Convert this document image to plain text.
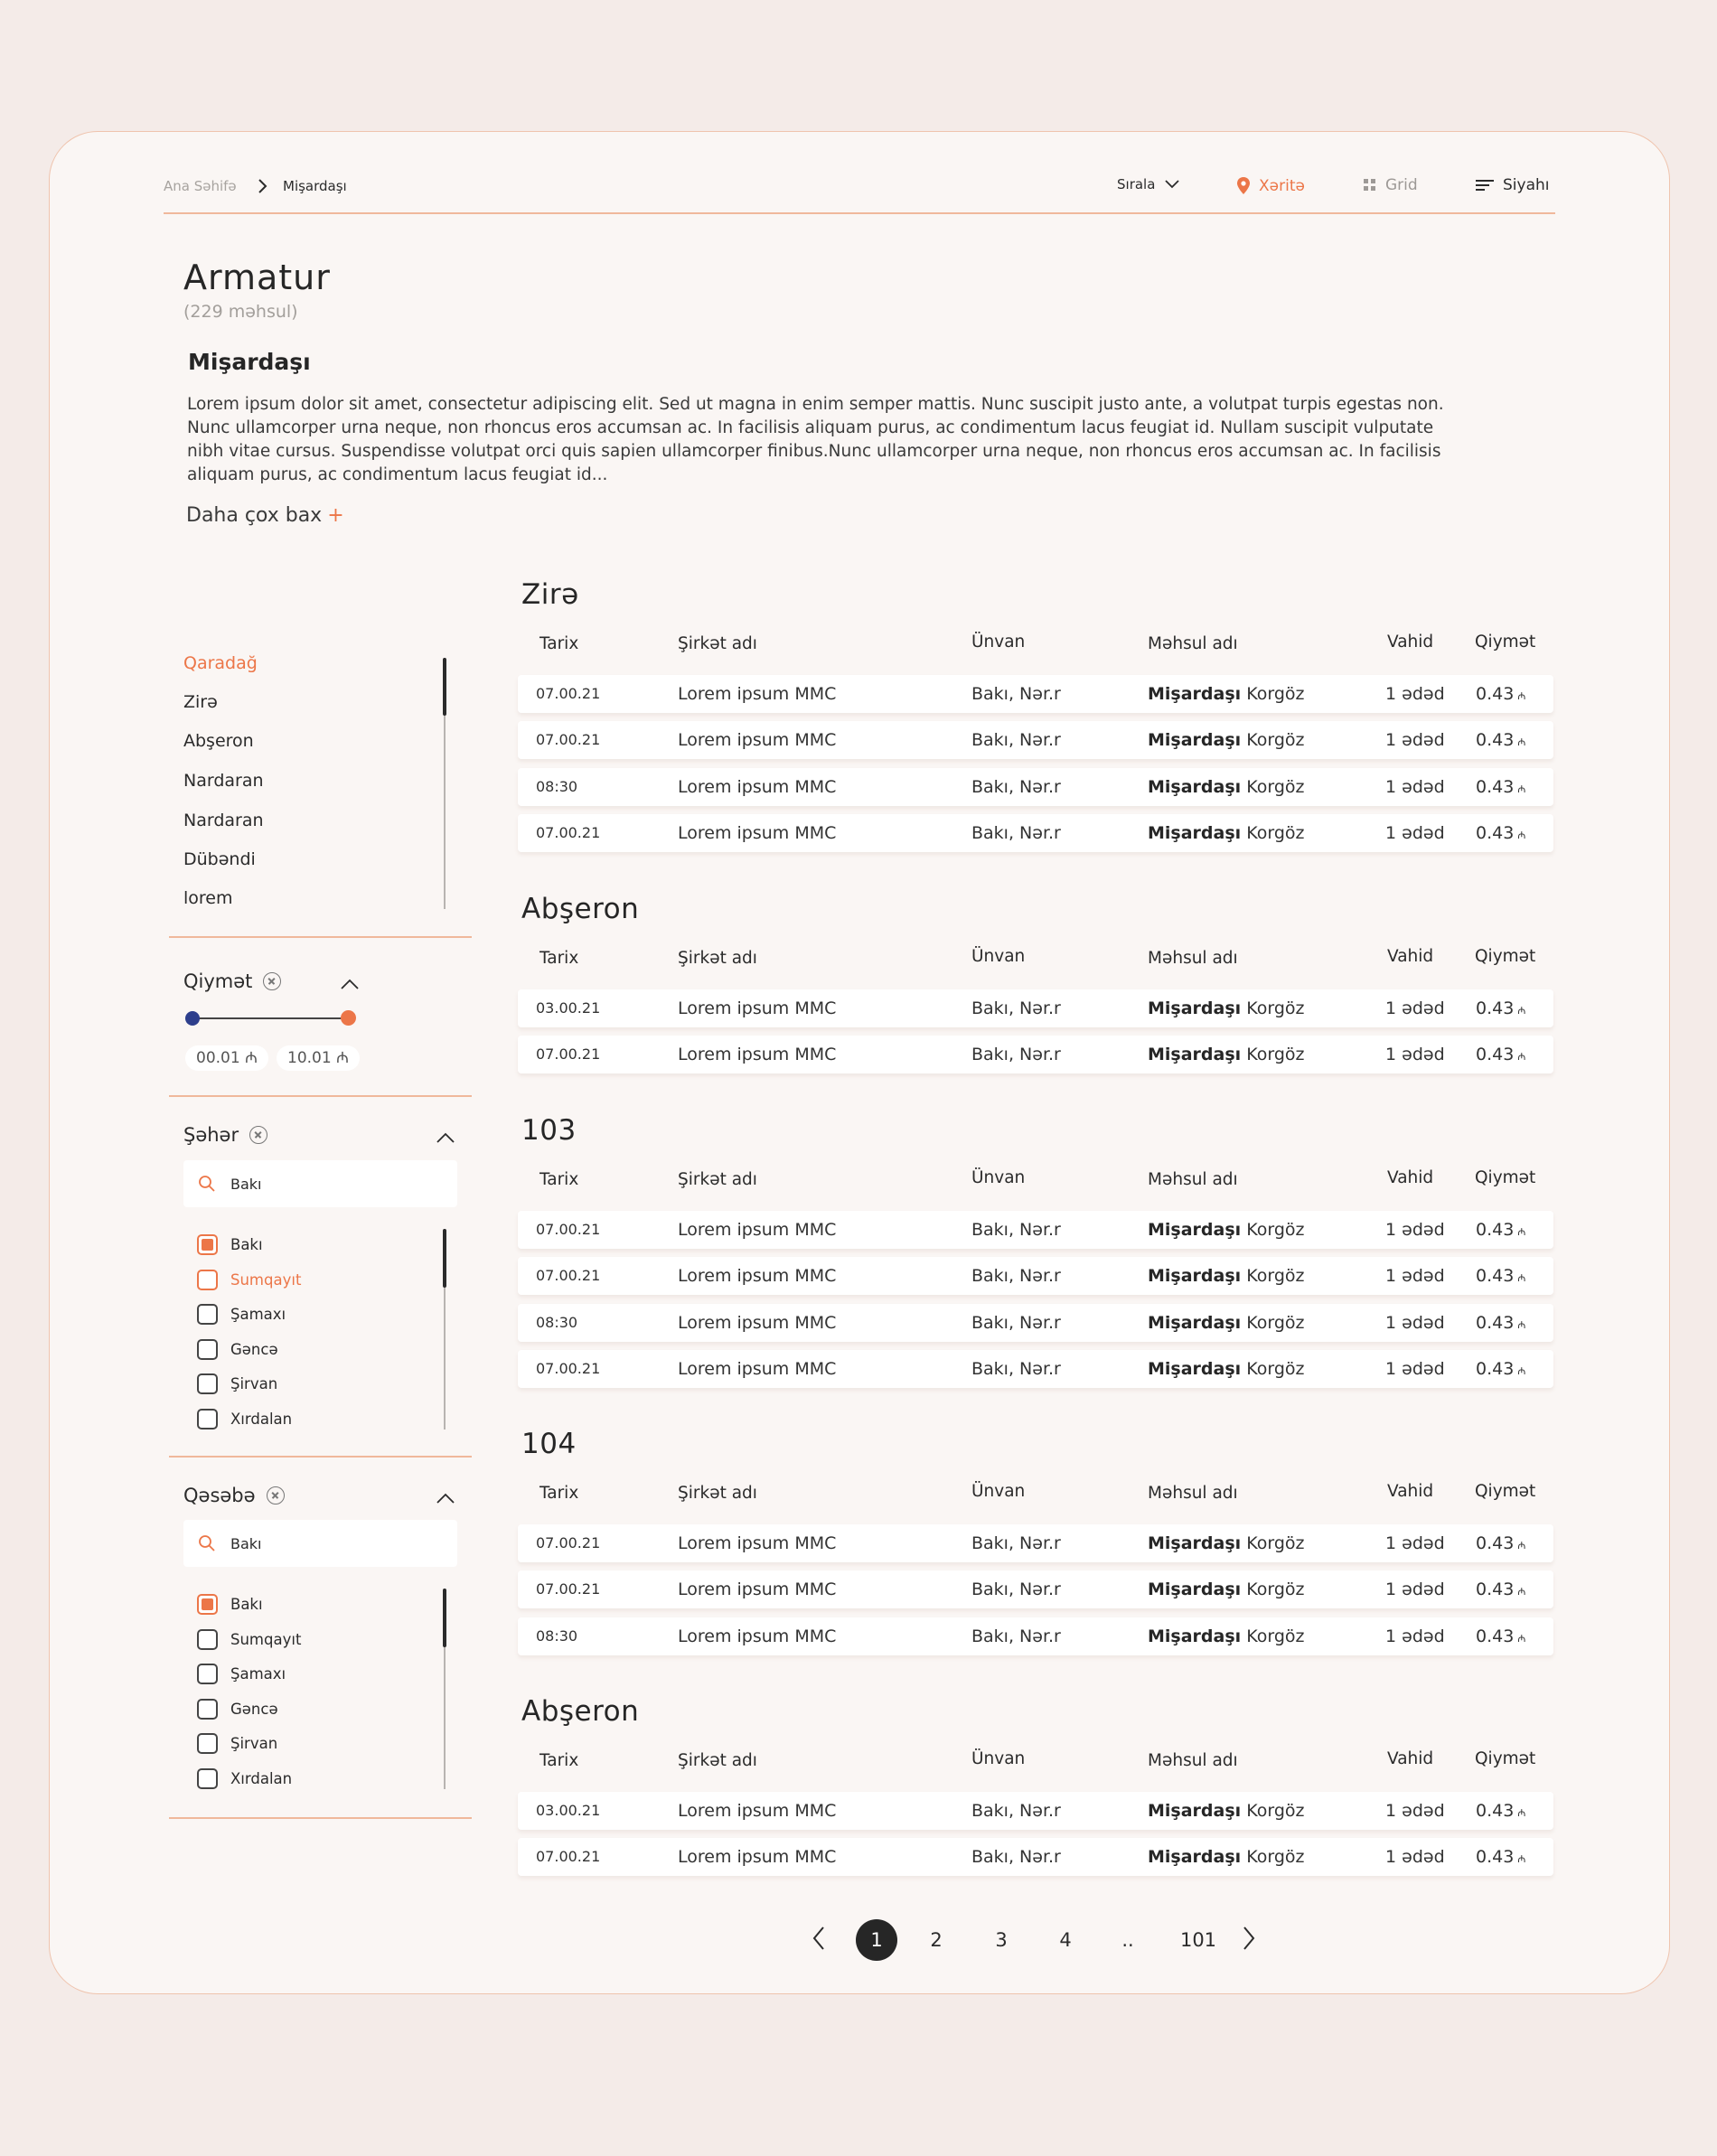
Ana Səhifə	Mişardaşı	Sırala	Xəritə	Grid	Siyahı
Armatur
(229 məhsul)
Mişardaşı
Lorem ipsum dolor sit amet, consectetur adipiscing elit. Sed ut magna in enim semper mattis. Nunc suscipit justo ante, a volutpat turpis egestas non. Nunc ullamcorper urna neque, non rhoncus eros accumsan ac. In facilisis aliquam purus, ac condimentum lacus feugiat id. Nullam suscipit vulputate nibh vitae cursus. Suspendisse volutpat orci quis sapien ullamcorper finibus.Nunc ullamcorper urna neque, non rhoncus eros accumsan ac. In facilisis aliquam purus, ac condimentum lacus feugiat id...
Daha çox bax +
Qaradağ
Zirə
Abşeron
Nardaran
Nardaran
Dübəndi
lorem
Qiymət
00.01 ₼	10.01 ₼
Şəhər
Bakı
Bakı
Sumqayıt
Şamaxı
Gəncə
Şirvan
Xırdalan
Qəsəbə
Bakı
Bakı
Sumqayıt
Şamaxı
Gəncə
Şirvan
Xırdalan
Zirə
Tarix	Şirkət adı	Ünvan	Məhsul adı	Vahid Qiymət
07.00.21	Lorem ipsum MMC	Bakı, Nər.r	Mişardaşı Korgöz	1 ədəd 0.43 ₼
07.00.21	Lorem ipsum MMC	Bakı, Nər.r	Mişardaşı Korgöz	1 ədəd 0.43 ₼
08:30	Lorem ipsum MMC	Bakı, Nər.r	Mişardaşı Korgöz	1 ədəd 0.43 ₼
07.00.21	Lorem ipsum MMC	Bakı, Nər.r	Mişardaşı Korgöz	1 ədəd 0.43 ₼
Abşeron
Tarix	Şirkət adı	Ünvan	Məhsul adı	Vahid Qiymət
03.00.21	Lorem ipsum MMC	Bakı, Nər.r	Mişardaşı Korgöz	1 ədəd 0.43 ₼
07.00.21	Lorem ipsum MMC	Bakı, Nər.r	Mişardaşı Korgöz	1 ədəd 0.43 ₼
103
Tarix	Şirkət adı	Ünvan	Məhsul adı	Vahid Qiymət
07.00.21	Lorem ipsum MMC	Bakı, Nər.r	Mişardaşı Korgöz	1 ədəd 0.43 ₼
07.00.21	Lorem ipsum MMC	Bakı, Nər.r	Mişardaşı Korgöz	1 ədəd 0.43 ₼
08:30	Lorem ipsum MMC	Bakı, Nər.r	Mişardaşı Korgöz	1 ədəd 0.43 ₼
07.00.21	Lorem ipsum MMC	Bakı, Nər.r	Mişardaşı Korgöz	1 ədəd 0.43 ₼
104
Tarix	Şirkət adı	Ünvan	Məhsul adı	Vahid Qiymət
07.00.21	Lorem ipsum MMC	Bakı, Nər.r	Mişardaşı Korgöz	1 ədəd 0.43 ₼
07.00.21	Lorem ipsum MMC	Bakı, Nər.r	Mişardaşı Korgöz	1 ədəd 0.43 ₼
08:30	Lorem ipsum MMC	Bakı, Nər.r	Mişardaşı Korgöz	1 ədəd 0.43 ₼
Abşeron
Tarix	Şirkət adı	Ünvan	Məhsul adı	Vahid Qiymət
03.00.21	Lorem ipsum MMC	Bakı, Nər.r	Mişardaşı Korgöz	1 ədəd 0.43 ₼
07.00.21	Lorem ipsum MMC	Bakı, Nər.r	Mişardaşı Korgöz	1 ədəd 0.43 ₼
1	2	3	4	..	101
